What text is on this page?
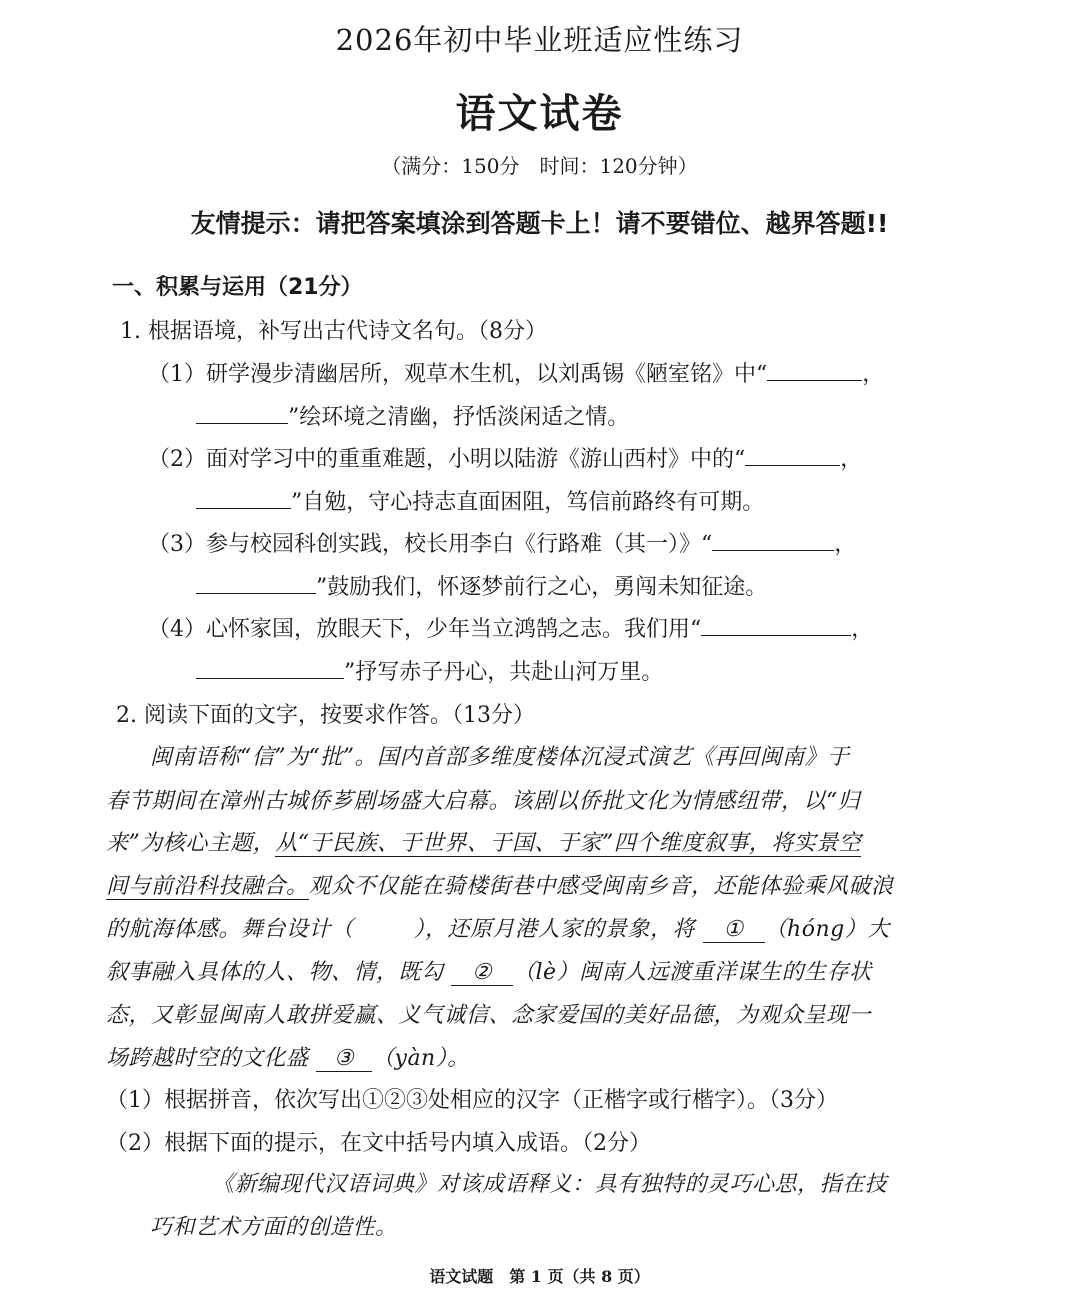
2026年初中毕业班适应性练习
语文试卷
（满分：150分　时间：120分钟）
友情提示：请把答案填涂到答题卡上！请不要错位、越界答题!!
一、积累与运用（21分）
1. 根据语境，补写出古代诗文名句。（8分）
（1）研学漫步清幽居所，观草木生机，以刘禹锡《陋室铭》中“	，
”绘环境之清幽，抒恬淡闲适之情。
（2）面对学习中的重重难题，小明以陆游《游山西村》中的“	，
”自勉，守心持志直面困阻，笃信前路终有可期。
（3）参与校园科创实践，校长用李白《行路难（其一）》“	，
”鼓励我们，怀逐梦前行之心，勇闯未知征途。
（4）心怀家国，放眼天下，少年当立鸿鹄之志。我们用“	，
”抒写赤子丹心，共赴山河万里。
2. 阅读下面的文字，按要求作答。（13分）
闽南语称“信”为“批”。国内首部多维度楼体沉浸式演艺《再回闽南》于
春节期间在漳州古城侨芗剧场盛大启幕。该剧以侨批文化为情感纽带，以“归
来”为核心主题，从“于民族、于世界、于国、于家”四个维度叙事，将实景空
间与前沿科技融合。观众不仅能在骑楼街巷中感受闽南乡音，还能体验乘风破浪
的航海体感。舞台设计（	），还原月港人家的景象，将 ① （hóng）大
叙事融入具体的人、物、情，既勾 ② （lè）闽南人远渡重洋谋生的生存状
态，又彰显闽南人敢拼爱赢、义气诚信、念家爱国的美好品德，为观众呈现一
场跨越时空的文化盛 ③ （yàn）。
（1）根据拼音，依次写出①②③处相应的汉字（正楷字或行楷字）。（3分）
（2）根据下面的提示，在文中括号内填入成语。（2分）
《新编现代汉语词典》对该成语释义：具有独特的灵巧心思，指在技
巧和艺术方面的创造性。
语文试题　第 1 页（共 8 页）
